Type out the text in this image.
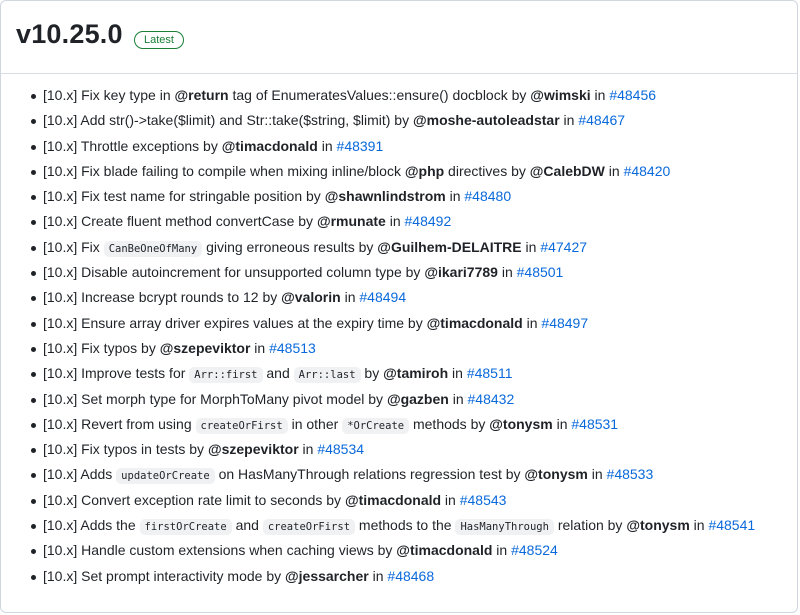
v10.25.0	Latest
[10.x] Fix key type in @return tag of EnumeratesValues::ensure() docblock by @wimski in #48456
[10.x] Add str()->take($limit) and Str::take($string, $limit) by @moshe-autoleadstar in #48467
[10.x] Throttle exceptions by @timacdonald in #48391
[10.x] Fix blade failing to compile when mixing inline/block @php directives by @CalebDW in #48420
[10.x] Fix test name for stringable position by @shawnlindstrom in #48480
[10.x] Create fluent method convertCase by @rmunate in #48492
[10.x] Fix CanBeOneOfMany giving erroneous results by @Guilhem-DELAITRE in #47427
[10.x] Disable autoincrement for unsupported column type by @ikari7789 in #48501
[10.x] Increase bcrypt rounds to 12 by @valorin in #48494
[10.x] Ensure array driver expires values at the expiry time by @timacdonald in #48497
[10.x] Fix typos by @szepeviktor in #48513
[10.x] Improve tests for Arr::first and Arr::last by @tamiroh in #48511
[10.x] Set morph type for MorphToMany pivot model by @gazben in #48432
[10.x] Revert from using createOrFirst in other *OrCreate methods by @tonysm in #48531
[10.x] Fix typos in tests by @szepeviktor in #48534
[10.x] Adds updateOrCreate on HasManyThrough relations regression test by @tonysm in #48533
[10.x] Convert exception rate limit to seconds by @timacdonald in #48543
[10.x] Adds the firstOrCreate and createOrFirst methods to the HasManyThrough relation by @tonysm in #48541
[10.x] Handle custom extensions when caching views by @timacdonald in #48524
[10.x] Set prompt interactivity mode by @jessarcher in #48468
